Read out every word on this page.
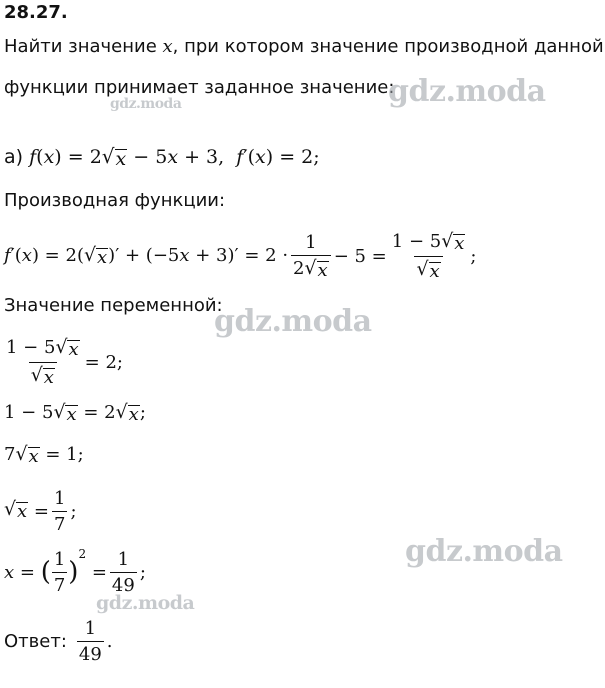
28.27.
Найти значение x, при котором значение производной данной
функции принимает заданное значение:
а) f(x) = 2 √ x − 5x + 3,  f′(x) = 2;
Производная функции:
f′(x) = 2( √ x )′ + $(-5x + 3)' = 2 \cdot \frac{1}{2 √ x} - 5 = \frac{1 - 5 √ x}{√ x}$ ;
Значение переменной:
$\frac{1 - 5 √ x}{√ x} = 2$;
1 − 5 √ x = 2 √ x ;
7 √ x = 1;
√ $x = \frac{1}{7}$ ;
x = ( $\frac{1}{7}$ )
2
= $\frac{1}{49}$ ;
Ответ: $\frac{1}{49}$ .
gdz.moda
gdz.moda
gdz.moda
gdz.moda
gdz.moda
